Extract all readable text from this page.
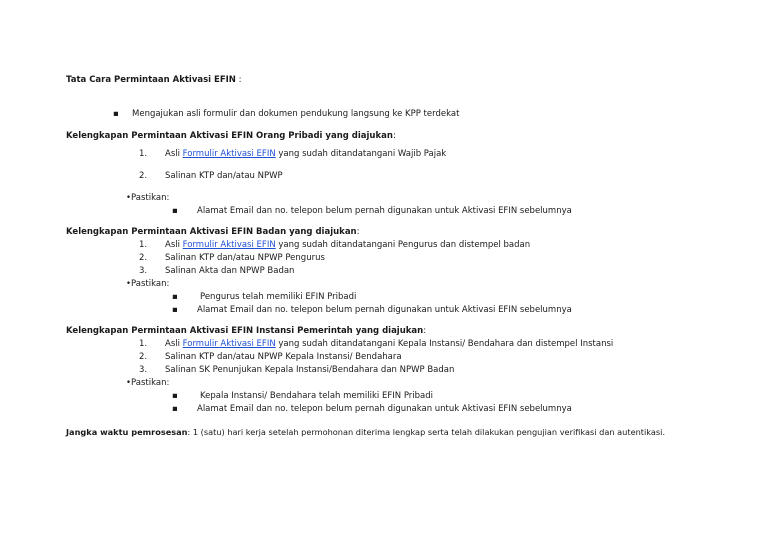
Tata Cara Permintaan Aktivasi EFIN :
▪ Mengajukan asli formulir dan dokumen pendukung langsung ke KPP terdekat
Kelengkapan Permintaan Aktivasi EFIN Orang Pribadi yang diajukan:
1. Asli Formulir Aktivasi EFIN yang sudah ditandatangani Wajib Pajak
2. Salinan KTP dan/atau NPWP
•Pastikan:
▪ Alamat Email dan no. telepon belum pernah digunakan untuk Aktivasi EFIN sebelumnya
Kelengkapan Permintaan Aktivasi EFIN Badan yang diajukan:
1. Asli Formulir Aktivasi EFIN yang sudah ditandatangani Pengurus dan distempel badan
2. Salinan KTP dan/atau NPWP Pengurus
3. Salinan Akta dan NPWP Badan
•Pastikan:
▪	Pengurus telah memiliki EFIN Pribadi
▪ Alamat Email dan no. telepon belum pernah digunakan untuk Aktivasi EFIN sebelumnya
Kelengkapan Permintaan Aktivasi EFIN Instansi Pemerintah yang diajukan:
1. Asli Formulir Aktivasi EFIN yang sudah ditandatangani Kepala Instansi/ Bendahara dan distempel Instansi
2. Salinan KTP dan/atau NPWP Kepala Instansi/ Bendahara
3. Salinan SK Penunjukan Kepala Instansi/Bendahara dan NPWP Badan
•Pastikan:
▪	Kepala Instansi/ Bendahara telah memiliki EFIN Pribadi
▪ Alamat Email dan no. telepon belum pernah digunakan untuk Aktivasi EFIN sebelumnya
Jangka waktu pemrosesan: 1 (satu) hari kerja setelah permohonan diterima lengkap serta telah dilakukan pengujian verifikasi dan autentikasi.
